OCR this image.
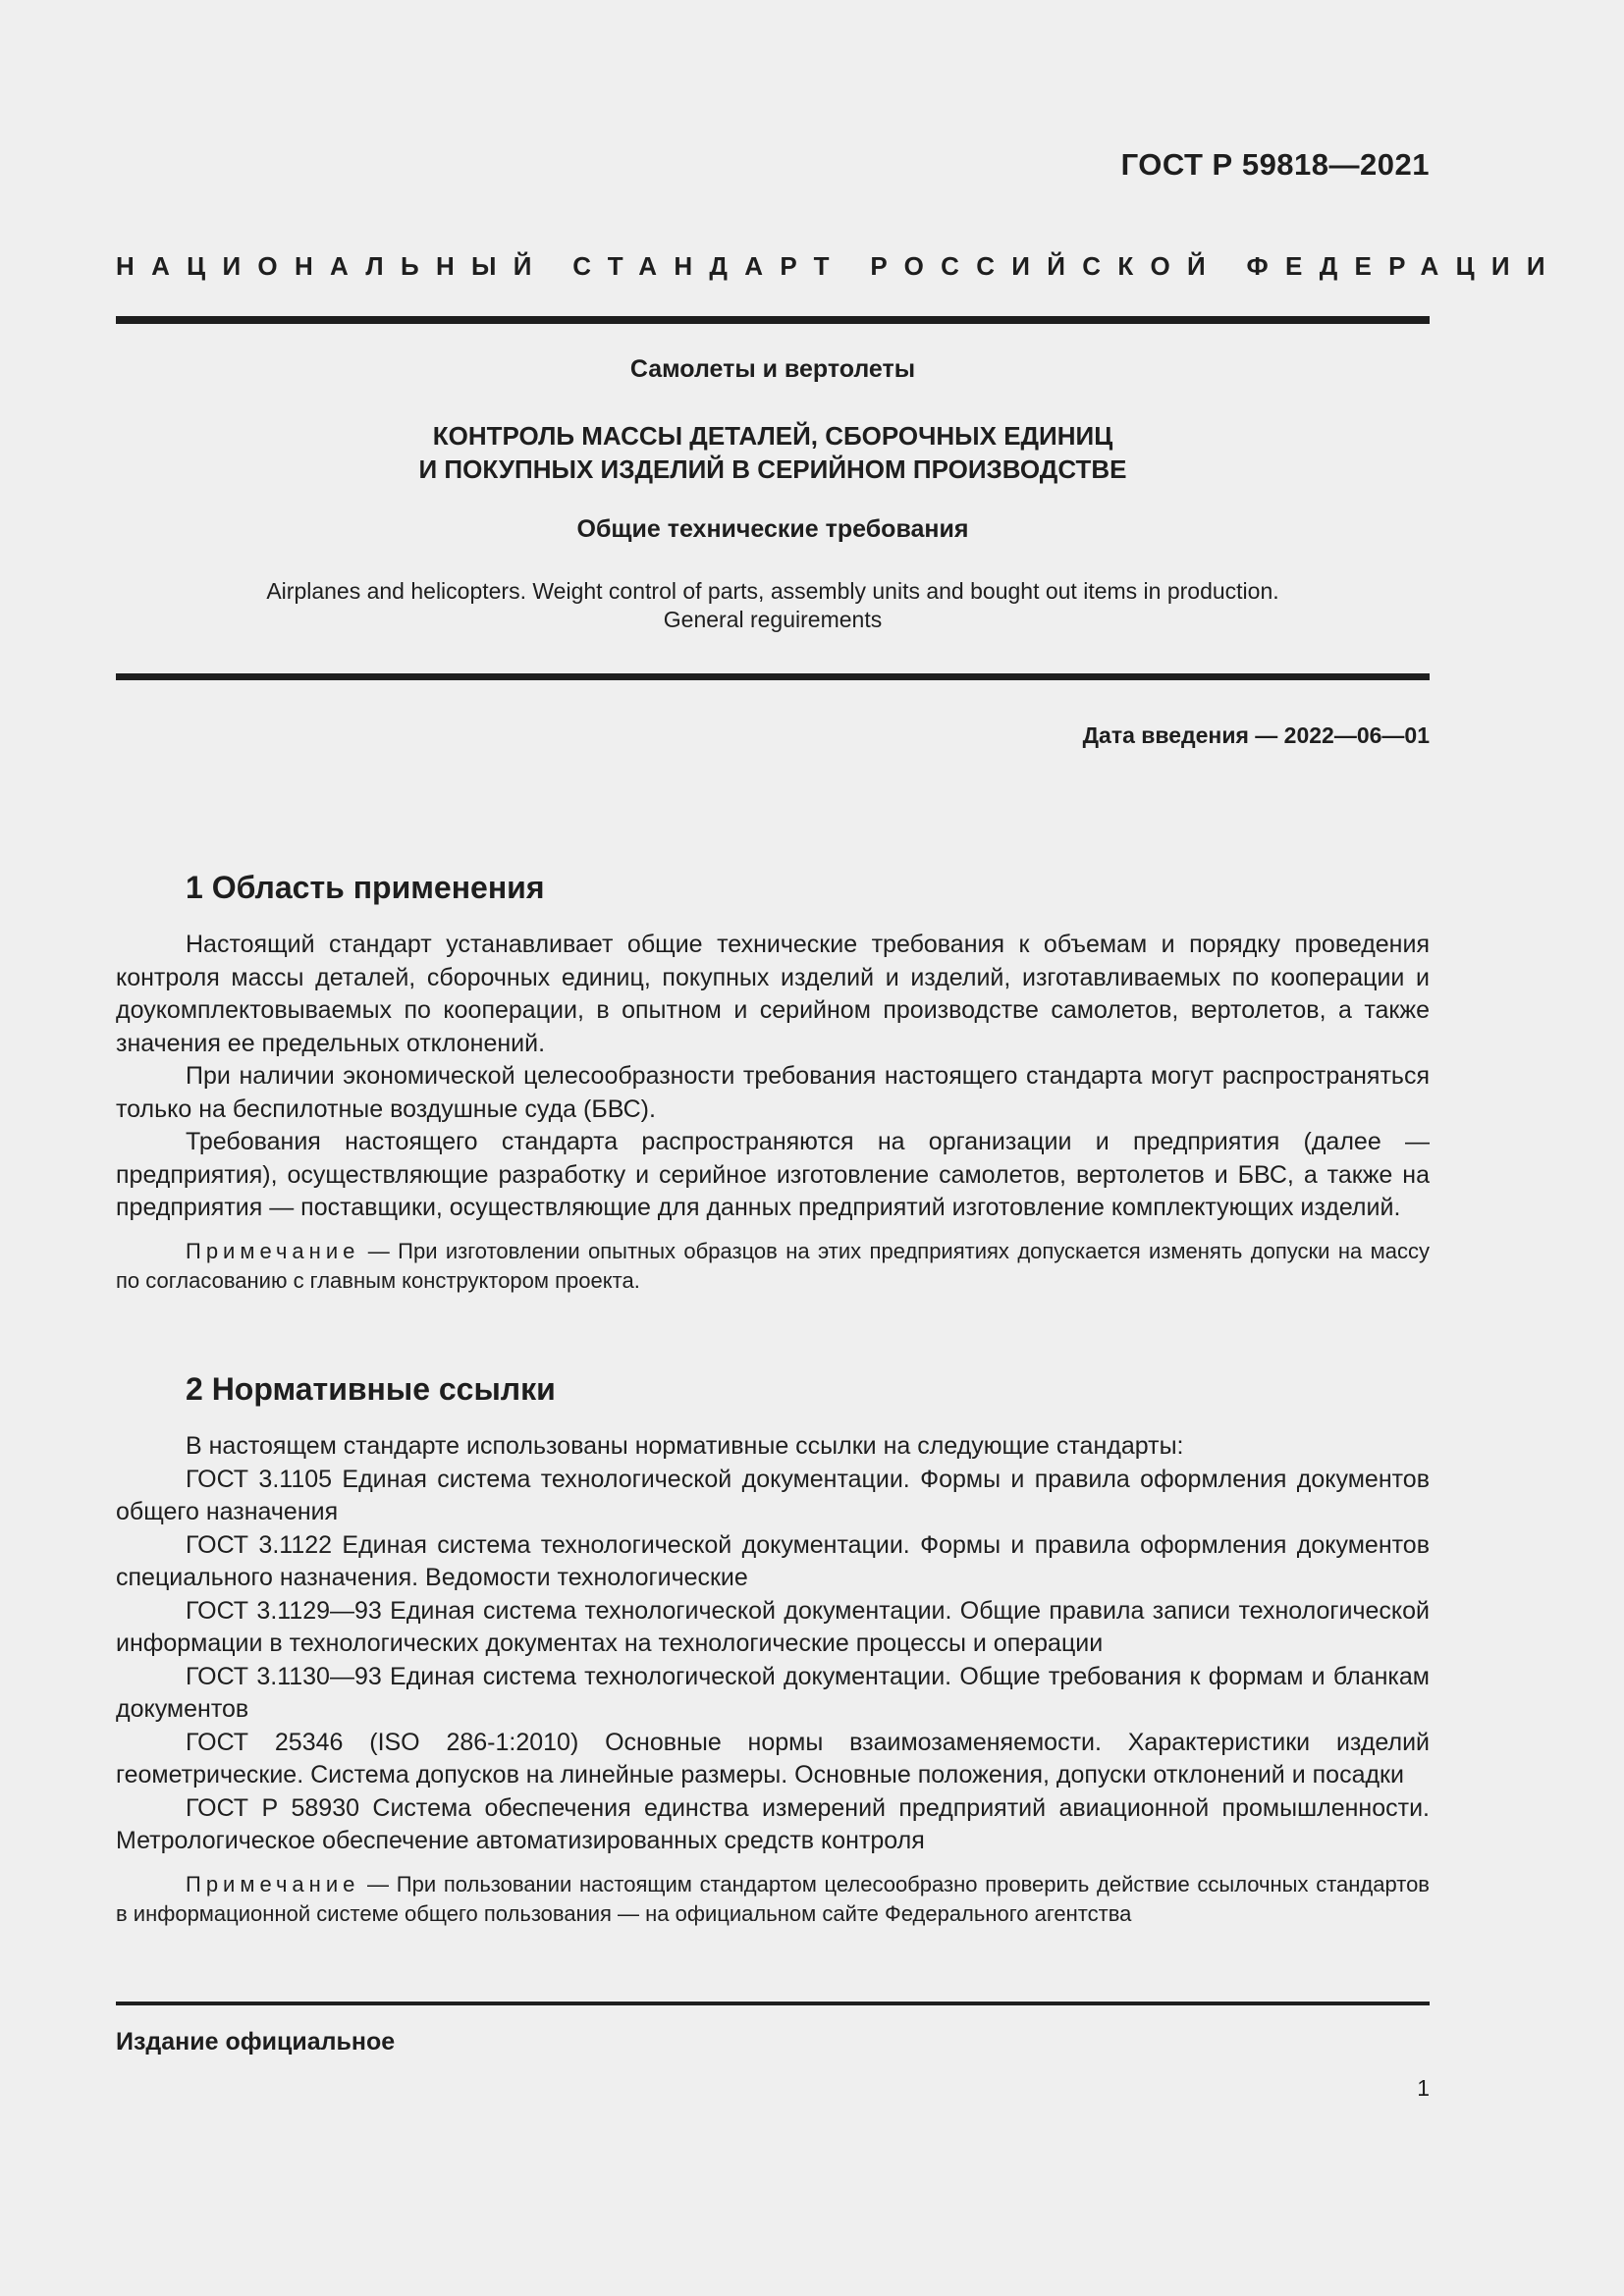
ГОСТ Р 59818—2021
НАЦИОНАЛЬНЫЙ СТАНДАРТ РОССИЙСКОЙ ФЕДЕРАЦИИ
Самолеты и вертолеты
КОНТРОЛЬ МАССЫ ДЕТАЛЕЙ, СБОРОЧНЫХ ЕДИНИЦ
И ПОКУПНЫХ ИЗДЕЛИЙ В СЕРИЙНОМ ПРОИЗВОДСТВЕ
Общие технические требования
Airplanes and helicopters. Weight control of parts, assembly units and bought out items in production.
General reguirements
Дата введения — 2022—06—01
1 Область применения

Настоящий стандарт устанавливает общие технические требования к объемам и порядку проведения контроля массы деталей, сборочных единиц, покупных изделий и изделий, изготавливаемых по кооперации и доукомплектовываемых по кооперации, в опытном и серийном производстве самолетов, вертолетов, а также значения ее предельных отклонений.

При наличии экономической целесообразности требования настоящего стандарта могут распространяться только на беспилотные воздушные суда (БВС).

Требования настоящего стандарта распространяются на организации и предприятия (далее — предприятия), осуществляющие разработку и серийное изготовление самолетов, вертолетов и БВС, а также на предприятия — поставщики, осуществляющие для данных предприятий изготовление комплектующих изделий.

Примечание — При изготовлении опытных образцов на этих предприятиях допускается изменять допуски на массу по согласованию с главным конструктором проекта.

2 Нормативные ссылки

В настоящем стандарте использованы нормативные ссылки на следующие стандарты:

ГОСТ 3.1105 Единая система технологической документации. Формы и правила оформления документов общего назначения

ГОСТ 3.1122 Единая система технологической документации. Формы и правила оформления документов специального назначения. Ведомости технологические

ГОСТ 3.1129—93 Единая система технологической документации. Общие правила записи технологической информации в технологических документах на технологические процессы и операции

ГОСТ 3.1130—93 Единая система технологической документации. Общие требования к формам и бланкам документов

ГОСТ 25346 (ISO 286-1:2010) Основные нормы взаимозаменяемости. Характеристики изделий геометрические. Система допусков на линейные размеры. Основные положения, допуски отклонений и посадки

ГОСТ Р 58930 Система обеспечения единства измерений предприятий авиационной промышленности. Метрологическое обеспечение автоматизированных средств контроля

Примечание — При пользовании настоящим стандартом целесообразно проверить действие ссылочных стандартов в информационной системе общего пользования — на официальном сайте Федерального агентства

Издание официальное
1
